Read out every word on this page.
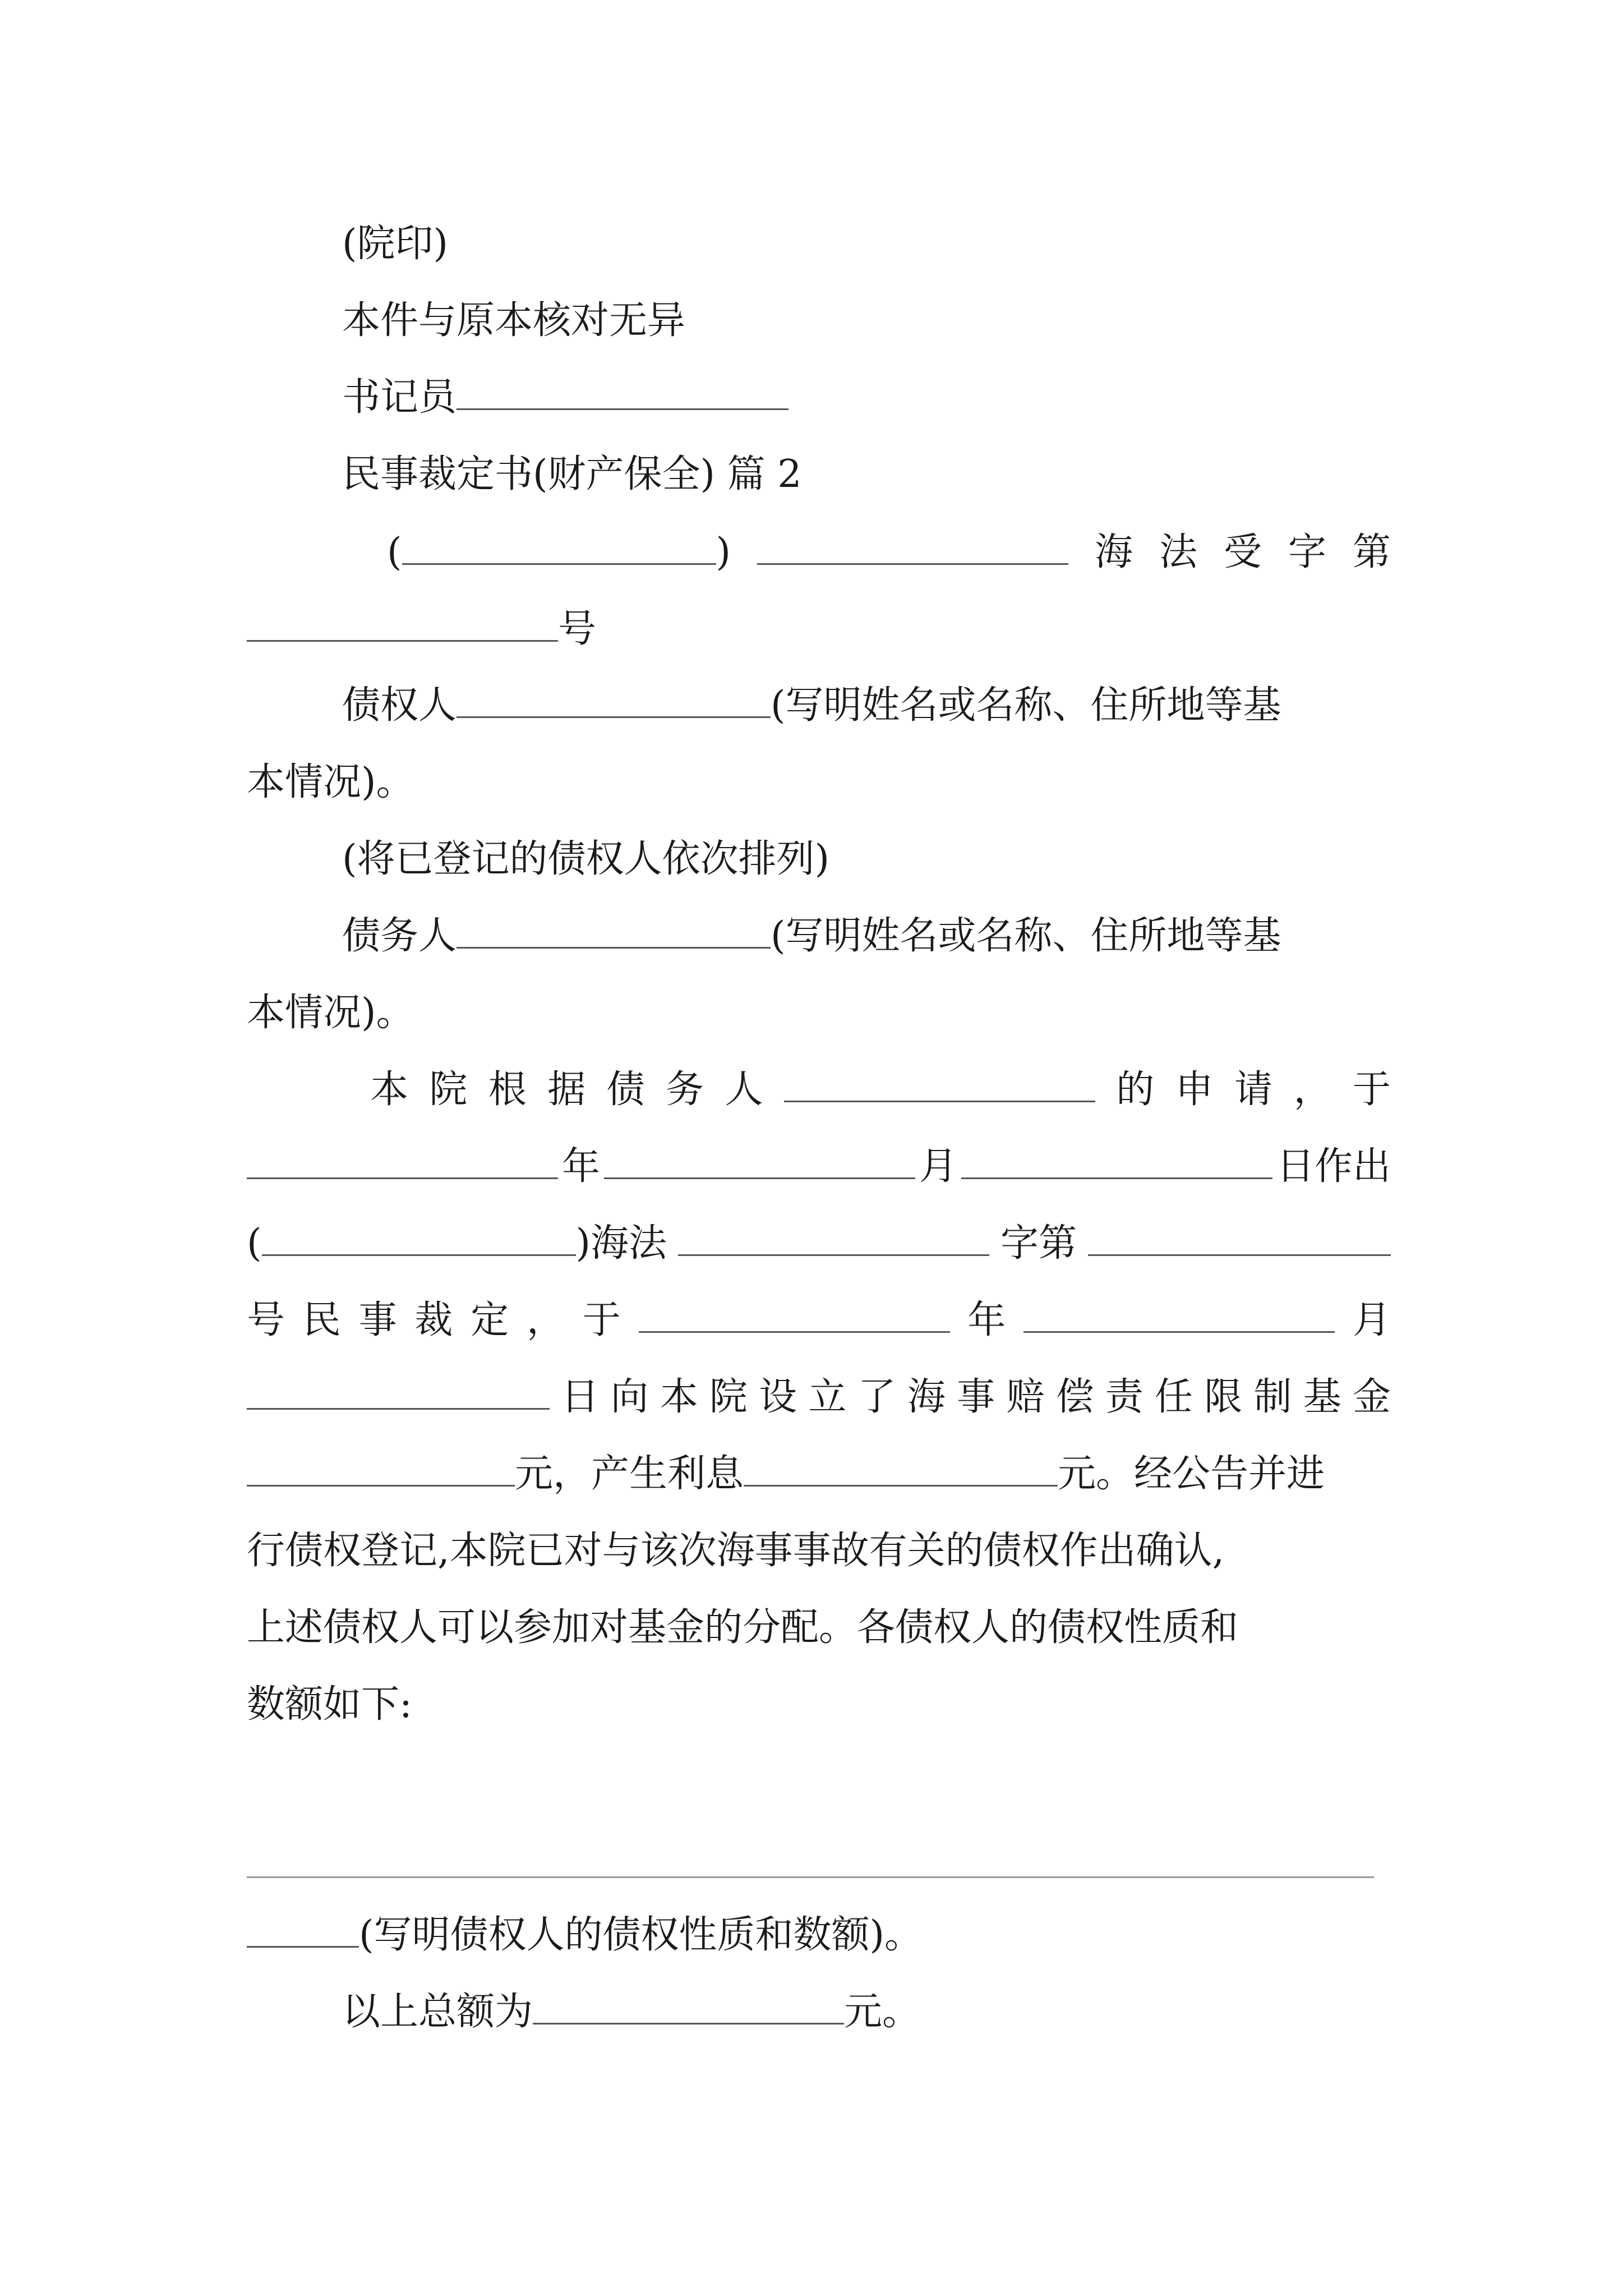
(院印)
本件与原本核对无异
书记员
民事裁定书(财产保全) 篇 2
(	)	海 法 受 字 第
号
债权人	(写明姓名或名称、住所地等基
本情况)。
(将已登记的债权人依次排列)
债务人	(写明姓名或名称、住所地等基
本情况)。
本 院 根 据 债 务 人	的 申 请 ， 于
年	月	日作出
(	)海法	字第
号 民 事 裁 定 ， 于	年	月
日 向 本 院 设 立 了 海 事 赔 偿 责 任 限 制 基 金
元，产生利息	元。经公告并进
行债权登记,本院已对与该次海事事故有关的债权作出确认,
上述债权人可以参加对基金的分配。各债权人的债权性质和
数额如下:
(写明债权人的债权性质和数额)。
以上总额为	元。
